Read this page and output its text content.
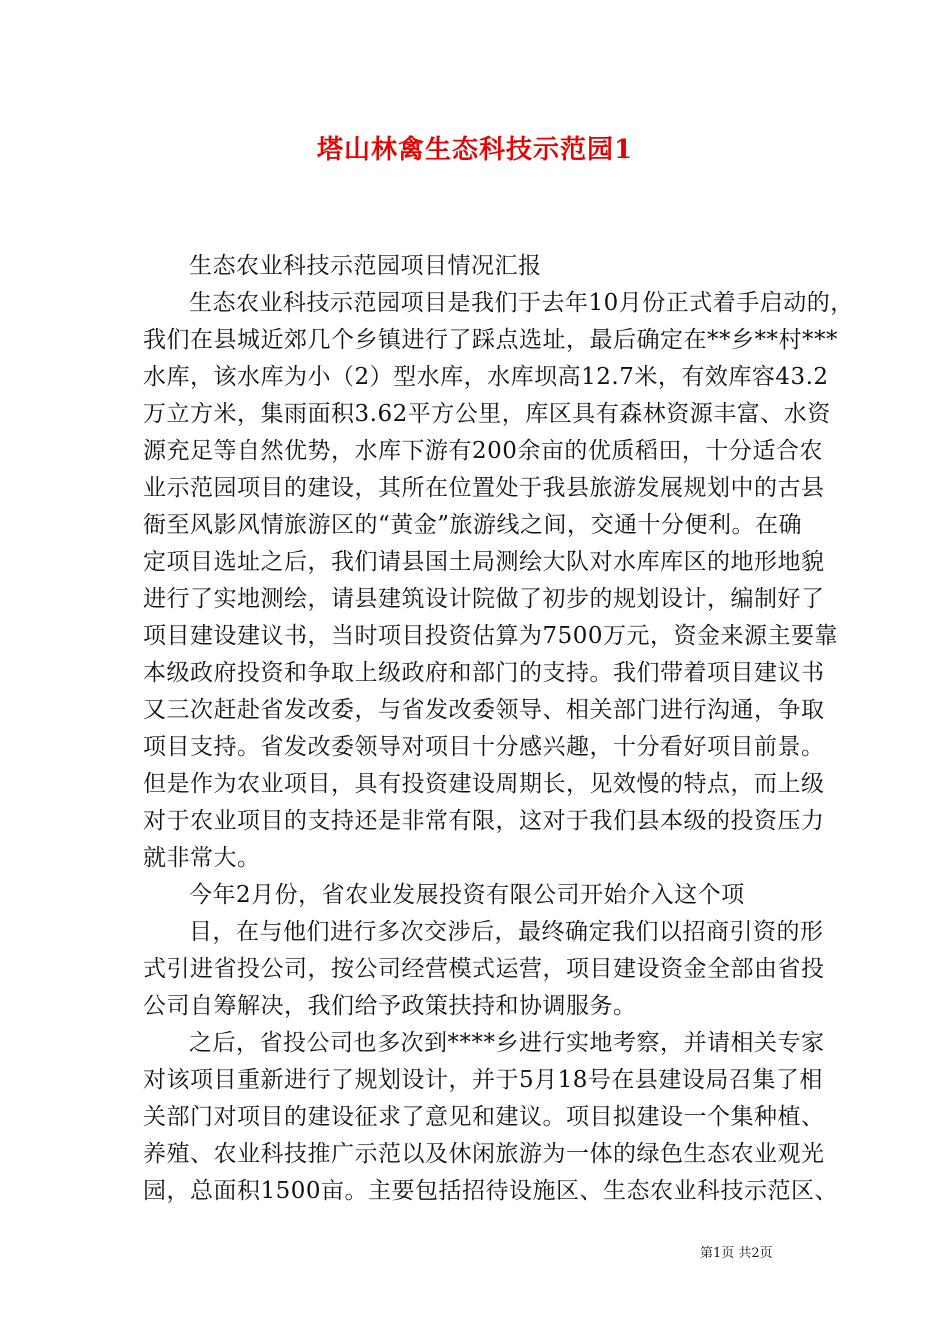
塔山林禽生态科技示范园1
生态农业科技示范园项目情况汇报
生态农业科技示范园项目是我们于去年10月份正式着手启动的，
我们在县城近郊几个乡镇进行了踩点选址，最后确定在**乡**村***
水库，该水库为小（2）型水库，水库坝高12.7米，有效库容43.2
万立方米，集雨面积3.62平方公里，库区具有森林资源丰富、水资
源充足等自然优势，水库下游有200余亩的优质稻田，十分适合农
业示范园项目的建设，其所在位置处于我县旅游发展规划中的古县
衙至风影风情旅游区的“黄金”旅游线之间，交通十分便利。在确
定项目选址之后，我们请县国土局测绘大队对水库库区的地形地貌
进行了实地测绘，请县建筑设计院做了初步的规划设计，编制好了
项目建设建议书，当时项目投资估算为7500万元，资金来源主要靠
本级政府投资和争取上级政府和部门的支持。我们带着项目建议书
又三次赶赴省发改委，与省发改委领导、相关部门进行沟通，争取
项目支持。省发改委领导对项目十分感兴趣，十分看好项目前景。
但是作为农业项目，具有投资建设周期长，见效慢的特点，而上级
对于农业项目的支持还是非常有限，这对于我们县本级的投资压力
就非常大。
今年2月份，省农业发展投资有限公司开始介入这个项
目，在与他们进行多次交涉后，最终确定我们以招商引资的形
式引进省投公司，按公司经营模式运营，项目建设资金全部由省投
公司自筹解决，我们给予政策扶持和协调服务。
之后，省投公司也多次到****乡进行实地考察，并请相关专家
对该项目重新进行了规划设计，并于5月18号在县建设局召集了相
关部门对项目的建设征求了意见和建议。项目拟建设一个集种植、
养殖、农业科技推广示范以及休闲旅游为一体的绿色生态农业观光
园，总面积1500亩。主要包括招待设施区、生态农业科技示范区、
第1页 共2页
